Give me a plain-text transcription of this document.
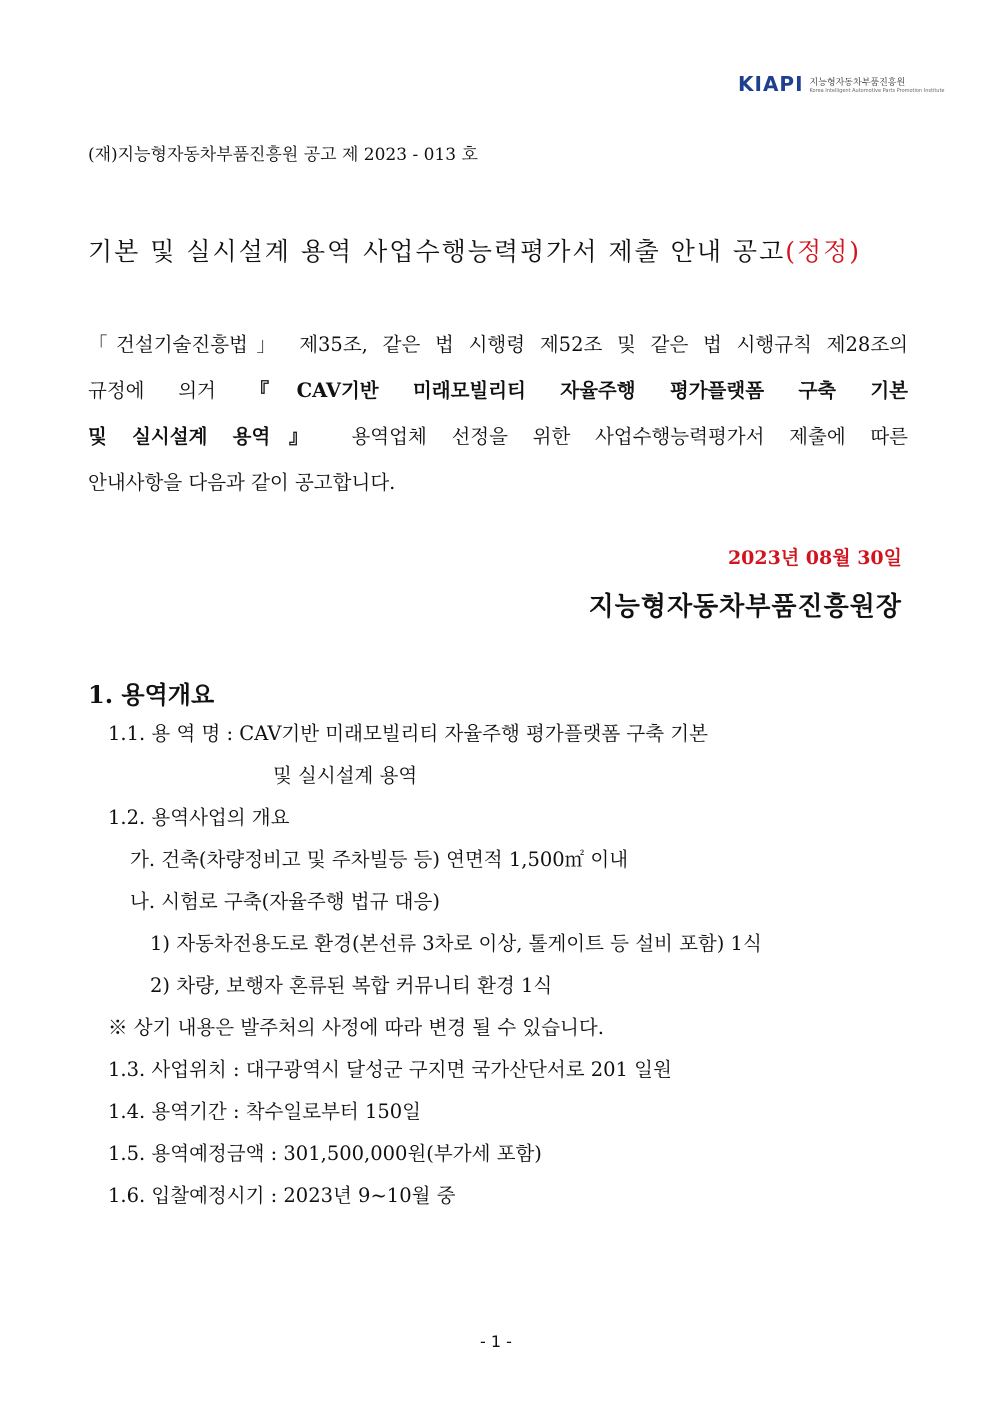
KIAPI 지능형자동차부품진흥원
Korea Intelligent Automotive Parts Promotion Institute
(재)지능형자동차부품진흥원 공고 제 2023 - 013 호
기본 및 실시설계 용역 사업수행능력평가서 제출 안내 공고(정정)
「건설기술진흥법」 제35조, 같은 법 시행령 제52조 및 같은 법 시행규칙 제28조의
규정에 의거 『CAV기반 미래모빌리티 자율주행 평가플랫폼 구축 기본
및 실시설계 용역』 용역업체 선정을 위한 사업수행능력평가서 제출에 따른
안내사항을 다음과 같이 공고합니다.
2023년 08월 30일
지능형자동차부품진흥원장
1. 용역개요
1.1. 용 역 명 : CAV기반 미래모빌리티 자율주행 평가플랫폼 구축 기본
및 실시설계 용역
1.2. 용역사업의 개요
가. 건축(차량정비고 및 주차빌등 등) 연면적 1,500㎡ 이내
나. 시험로 구축(자율주행 법규 대응)
1) 자동차전용도로 환경(본선류 3차로 이상, 톨게이트 등 설비 포함) 1식
2) 차량, 보행자 혼류된 복합 커뮤니티 환경 1식
※ 상기 내용은 발주처의 사정에 따라 변경 될 수 있습니다.
1.3. 사업위치 : 대구광역시 달성군 구지면 국가산단서로 201 일원
1.4. 용역기간 : 착수일로부터 150일
1.5. 용역예정금액 : 301,500,000원(부가세 포함)
1.6. 입찰예정시기 : 2023년 9~10월 중
- 1 -
